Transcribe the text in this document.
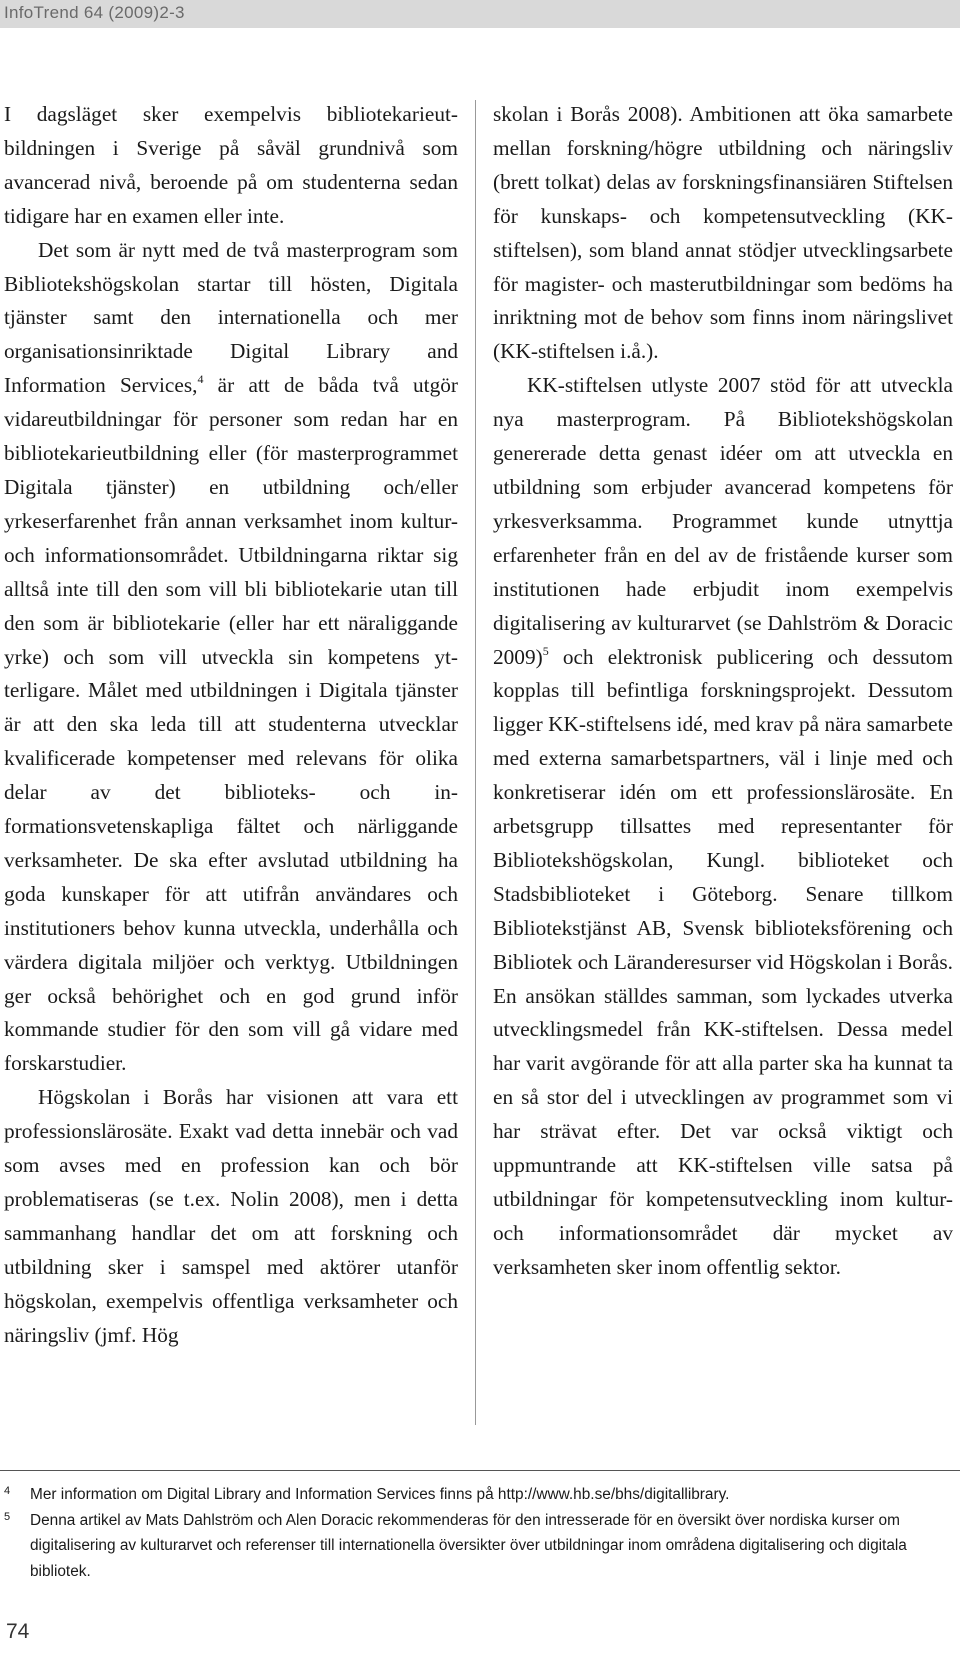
InfoTrend 64 (2009)2-3

I dagsläget sker exempelvis bibliotekarieutbildningen i Sverige på såväl grundnivå som avancerad nivå, beroende på om studenterna sedan tidigare har en examen eller inte.

Det som är nytt med de två masterprogram som Bibliotekshögskolan startar till hösten, Digitala tjänster samt den internationella och mer organisationsinriktade Digital Library and Information Services,$^4$ är att de båda två utgör vidareutbildningar för personer som redan har en bibliotekarieutbildning eller (för masterprogrammet Digitala tjänster) en utbildning och/eller yrkeserfarenhet från annan verksamhet inom kultur- och informationsområdet. Utbildningarna riktar sig alltså inte till den som vill bli bibliotekarie utan till den som är bibliotekarie (eller har ett näraliggande yrke) och som vill utveckla sin kompetens ytterligare. Målet med utbildningen i Digitala tjänster är att den ska leda till att studenterna utvecklar kvalificerade kompetenser med relevans för olika delar av det biblioteks- och informationsvetenskapliga fältet och närliggande verksamheter. De ska efter avslutad utbildning ha goda kunskaper för att utifrån användares och institutioners behov kunna utveckla, underhålla och värdera digitala miljöer och verktyg. Utbildningen ger också behörighet och en god grund inför kommande studier för den som vill gå vidare med forskarstudier.

Högskolan i Borås har visionen att vara ett professionslärosäte. Exakt vad detta innebär och vad som avses med en profession kan och bör problematiseras (se t.ex. Nolin 2008), men i detta sammanhang handlar det om att forskning och utbildning sker i samspel med aktörer utanför högskolan, exempelvis offentliga verksamheter och näringsliv (jmf. Hög

skolan i Borås 2008). Ambitionen att öka samarbete mellan forskning/högre utbildning och näringsliv (brett tolkat) delas av forskningsfinansiären Stiftelsen för kunskaps- och kompetensutveckling (KK-stiftelsen), som bland annat stödjer utvecklingsarbete för magister- och masterutbildningar som bedöms ha inriktning mot de behov som finns inom näringslivet (KK-stiftelsen i.å.).

KK-stiftelsen utlyste 2007 stöd för att utveckla nya masterprogram. På Bibliotekshögskolan genererade detta genast idéer om att utveckla en utbildning som erbjuder avancerad kompetens för yrkesverksamma. Programmet kunde utnyttja erfarenheter från en del av de fristående kurser som institutionen hade erbjudit inom exempelvis digitalisering av kulturarvet (se Dahlström & Doracic 2009)$^5$ och elektronisk publicering och dessutom kopplas till befintliga forskningsprojekt. Dessutom ligger KK-stiftelsens idé, med krav på nära samarbete med externa samarbetspartners, väl i linje med och konkretiserar idén om ett professionslärosäte. En arbetsgrupp tillsattes med representanter för Bibliotekshögskolan, Kungl. biblioteket och Stadsbiblioteket i Göteborg. Senare tillkom Bibliotekstjänst AB, Svensk biblioteksförening och Bibliotek och Läranderesurser vid Högskolan i Borås. En ansökan ställdes samman, som lyckades utverka utvecklingsmedel från KK-stiftelsen. Dessa medel har varit avgörande för att alla parter ska ha kunnat ta en så stor del i utvecklingen av programmet som vi har strävat efter. Det var också viktigt och uppmuntrande att KK-stiftelsen ville satsa på utbildningar för kompetensutveckling inom kultur- och informationsområdet där mycket av verksamheten sker inom offentlig sektor.

4 Mer information om Digital Library and Information Services finns på http://www.hb.se/bhs/digitallibrary.

5 Denna artikel av Mats Dahlström och Alen Doracic rekommenderas för den intresserade för en översikt över nordiska kurser om digitalisering av kulturarvet och referenser till internationella översikter över utbildningar inom områdena digitalisering och digitala bibliotek.

74
